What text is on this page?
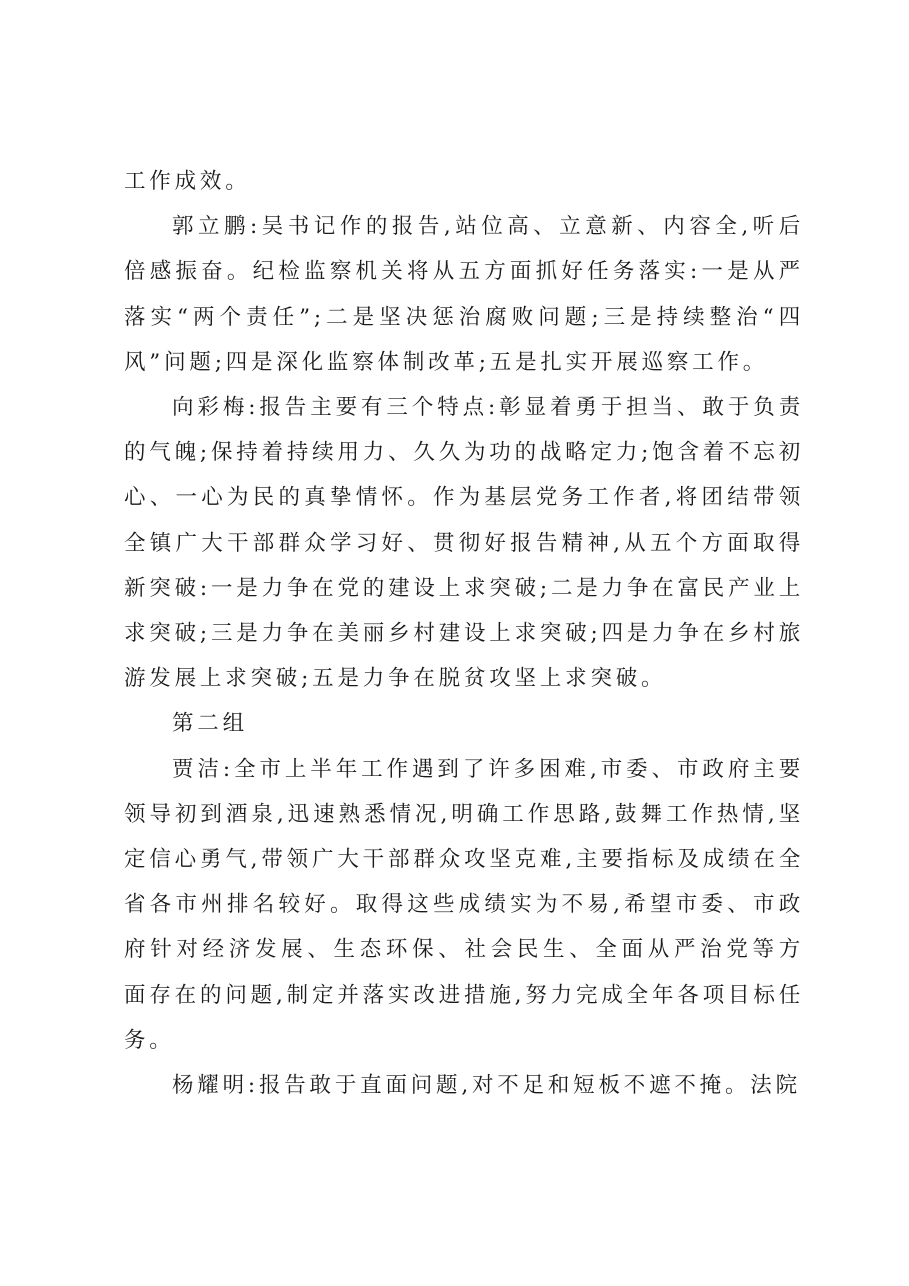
工作成效。

郭立鹏:吴书记作的报告,站位高、立意新、内容全,听后倍感振奋。纪检监察机关将从五方面抓好任务落实:一是从严落实“两个责任”;二是坚决惩治腐败问题;三是持续整治“四风”问题;四是深化监察体制改革;五是扎实开展巡察工作。

向彩梅:报告主要有三个特点:彰显着勇于担当、敢于负责的气魄;保持着持续用力、久久为功的战略定力;饱含着不忘初心、一心为民的真挚情怀。作为基层党务工作者,将团结带领全镇广大干部群众学习好、贯彻好报告精神,从五个方面取得新突破:一是力争在党的建设上求突破;二是力争在富民产业上求突破;三是力争在美丽乡村建设上求突破;四是力争在乡村旅游发展上求突破;五是力争在脱贫攻坚上求突破。

第二组

贾洁:全市上半年工作遇到了许多困难,市委、市政府主要领导初到酒泉,迅速熟悉情况,明确工作思路,鼓舞工作热情,坚定信心勇气,带领广大干部群众攻坚克难,主要指标及成绩在全省各市州排名较好。取得这些成绩实为不易,希望市委、市政府针对经济发展、生态环保、社会民生、全面从严治党等方面存在的问题,制定并落实改进措施,努力完成全年各项目标任务。

杨耀明:报告敢于直面问题,对不足和短板不遮不掩。法院
